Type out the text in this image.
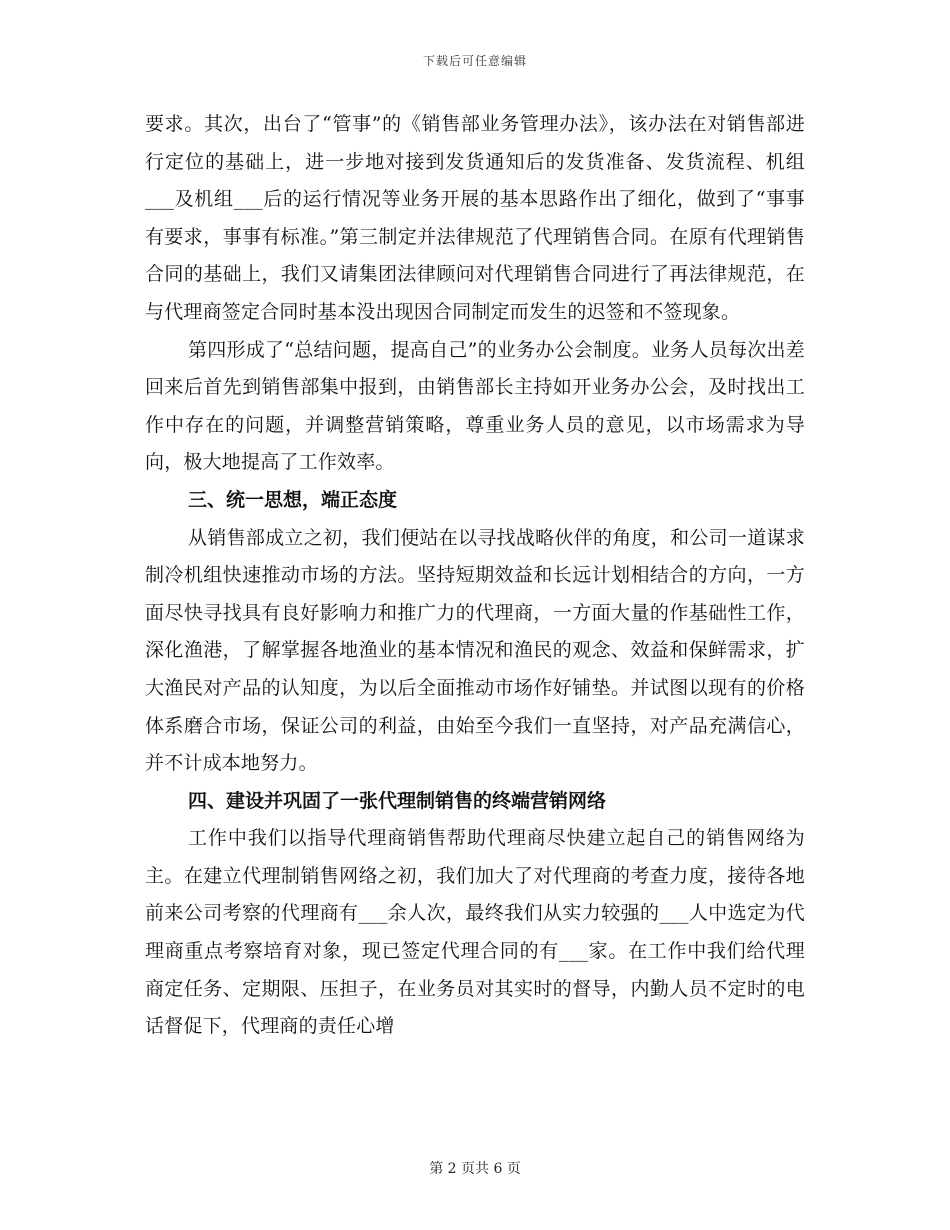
下载后可任意编辑

要求。其次，出台了“管事”的《销售部业务管理办法》，该办法在对销售部进行定位的基础上，进一步地对接到发货通知后的发货准备、发货流程、机组___及机组___后的运行情况等业务开展的基本思路作出了细化，做到了“事事有要求，事事有标准。”第三制定并法律规范了代理销售合同。在原有代理销售合同的基础上，我们又请集团法律顾问对代理销售合同进行了再法律规范，在与代理商签定合同时基本没出现因合同制定而发生的迟签和不签现象。

第四形成了“总结问题，提高自己”的业务办公会制度。业务人员每次出差回来后首先到销售部集中报到，由销售部长主持如开业务办公会，及时找出工作中存在的问题，并调整营销策略，尊重业务人员的意见，以市场需求为导向，极大地提高了工作效率。

三、统一思想，端正态度

从销售部成立之初，我们便站在以寻找战略伙伴的角度，和公司一道谋求制冷机组快速推动市场的方法。坚持短期效益和长远计划相结合的方向，一方面尽快寻找具有良好影响力和推广力的代理商，一方面大量的作基础性工作，深化渔港，了解掌握各地渔业的基本情况和渔民的观念、效益和保鲜需求，扩大渔民对产品的认知度，为以后全面推动市场作好铺垫。并试图以现有的价格体系磨合市场，保证公司的利益，由始至今我们一直坚持，对产品充满信心，并不计成本地努力。

四、建设并巩固了一张代理制销售的终端营销网络

工作中我们以指导代理商销售帮助代理商尽快建立起自己的销售网络为主。在建立代理制销售网络之初，我们加大了对代理商的考查力度，接待各地前来公司考察的代理商有___余人次，最终我们从实力较强的___人中选定为代理商重点考察培育对象，现已签定代理合同的有___家。在工作中我们给代理商定任务、定期限、压担子，在业务员对其实时的督导，内勤人员不定时的电话督促下，代理商的责任心增

第 2 页共 6 页
